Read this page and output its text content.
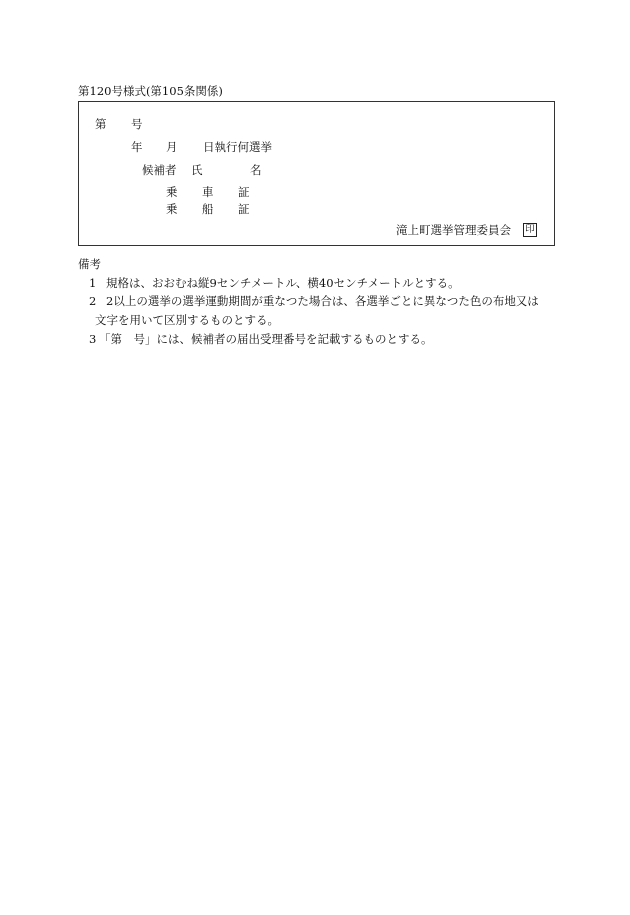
第120号様式(第105条関係)
第 号
年 月 日執行何選挙
候補者 氏	名
乗 車 証
乗 船 証
滝上町選挙管理委員会 印
備考
1 規格は、おおむね縦9センチメートル、横40センチメートルとする。
2 2以上の選挙の選挙運動期間が重なつた場合は、各選挙ごとに異なつた色の布地又は
文字を用いて区別するものとする。
3 「第　号」には、候補者の届出受理番号を記載するものとする。
